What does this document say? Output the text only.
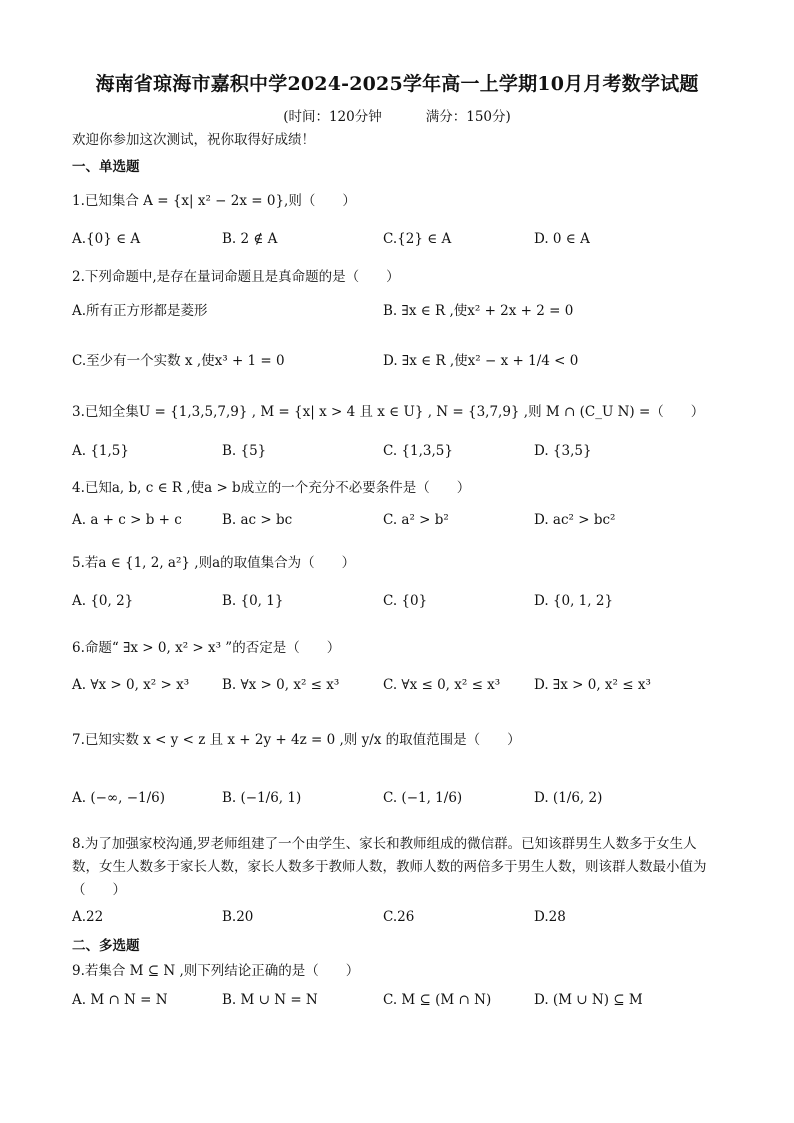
海南省琼海市嘉积中学2024-2025学年高一上学期10月月考数学试题
(时间：120分钟	满分：150分)
欢迎你参加这次测试，祝你取得好成绩！
一、单选题
1.已知集合 A = {x| x² − 2x = 0},则（　　）
A.{0} ∈ A	B. 2 ∉ A	C.{2} ∈ A	D. 0 ∈ A
2.下列命题中,是存在量词命题且是真命题的是（　　）
A.所有正方形都是菱形	B. ∃x ∈ R ,使x² + 2x + 2 = 0
C.至少有一个实数 x ,使x³ + 1 = 0	D. ∃x ∈ R ,使x² − x + 1/4 < 0
3.已知全集U = {1,3,5,7,9} , M = {x| x > 4 且 x ∈ U} , N = {3,7,9} ,则 M ∩ (C_U N) =（　　）
A. {1,5}	B. {5}	C. {1,3,5}	D. {3,5}
4.已知a, b, c ∈ R ,使a > b成立的一个充分不必要条件是（　　）
A. a + c > b + c	B. ac > bc	C. a² > b²	D. ac² > bc²
5.若a ∈ {1, 2, a²} ,则a的取值集合为（　　）
A. {0, 2}	B. {0, 1}	C. {0}	D. {0, 1, 2}
6.命题“ ∃x > 0, x² > x³ ”的否定是（　　）
A. ∀x > 0, x² > x³ B. ∀x > 0, x² ≤ x³	C. ∀x ≤ 0, x² ≤ x³	D. ∃x > 0, x² ≤ x³
7.已知实数 x < y < z 且 x + 2y + 4z = 0 ,则 y/x 的取值范围是（　　）
A. (−∞, −1/6)	B. (−1/6, 1)	C. (−1, 1/6)	D. (1/6, 2)
8.为了加强家校沟通,罗老师组建了一个由学生、家长和教师组成的微信群。已知该群男生人数多于女生人数，女生人数多于家长人数，家长人数多于教师人数，教师人数的两倍多于男生人数，则该群人数最小值为（　　）
A.22	B.20	C.26	D.28
二、多选题
9.若集合 M ⊆ N ,则下列结论正确的是（　　）
A. M ∩ N = N	B. M ∪ N = N	C. M ⊆ (M ∩ N)	D. (M ∪ N) ⊆ M
